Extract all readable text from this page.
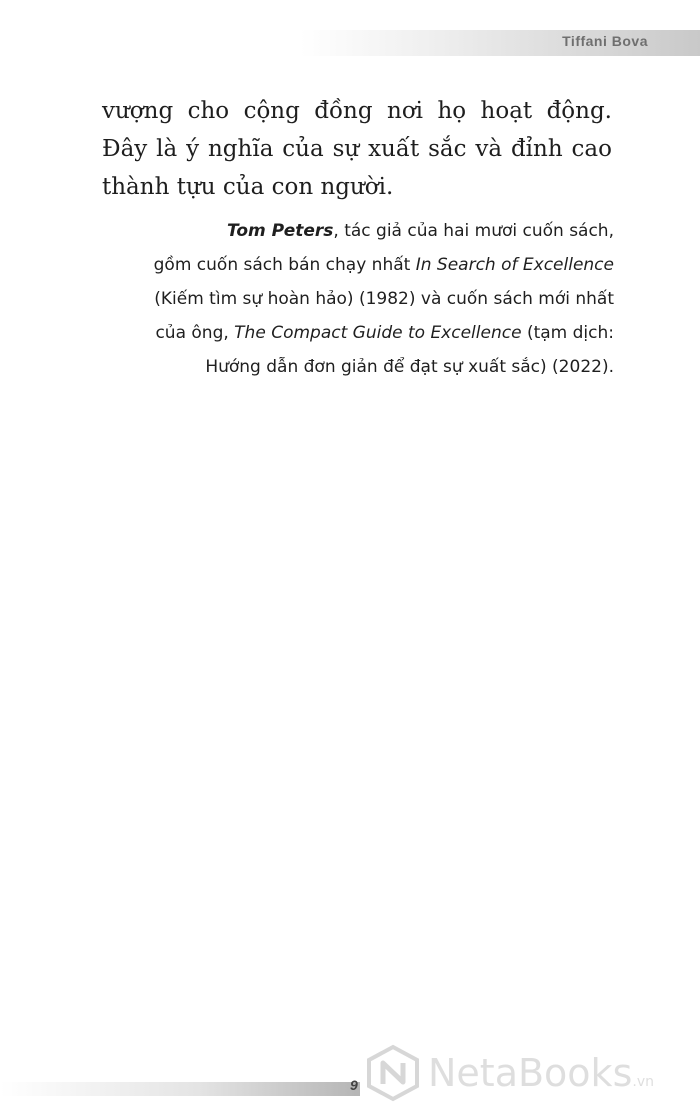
Tiffani Bova

vượng cho cộng đồng nơi họ hoạt động. Đây là ý nghĩa của sự xuất sắc và đỉnh cao thành tựu của con người.

Tom Peters, tác giả của hai mươi cuốn sách,
gồm cuốn sách bán chạy nhất In Search of Excellence
(Kiếm tìm sự hoàn hảo) (1982) và cuốn sách mới nhất
của ông, The Compact Guide to Excellence (tạm dịch:
Hướng dẫn đơn giản để đạt sự xuất sắc) (2022).
9 NetaBooks.vn
